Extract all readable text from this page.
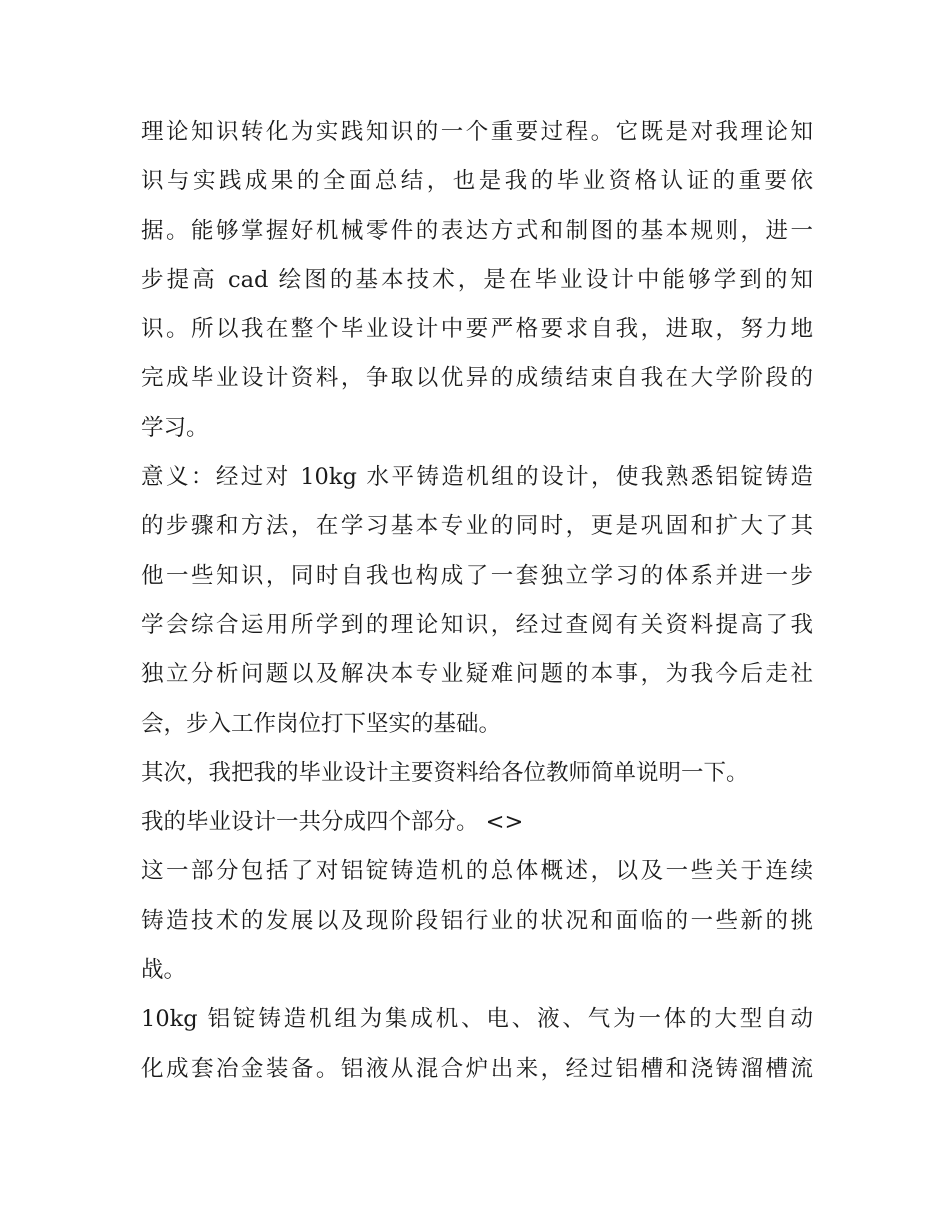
理论知识转化为实践知识的一个重要过程。它既是对我理论知
识与实践成果的全面总结，也是我的毕业资格认证的重要依
据。能够掌握好机械零件的表达方式和制图的基本规则，进一
步提高 cad 绘图的基本技术，是在毕业设计中能够学到的知
识。所以我在整个毕业设计中要严格要求自我，进取，努力地
完成毕业设计资料，争取以优异的成绩结束自我在大学阶段的
学习。
意义：经过对 10kg 水平铸造机组的设计，使我熟悉铝锭铸造
的步骤和方法，在学习基本专业的同时，更是巩固和扩大了其
他一些知识，同时自我也构成了一套独立学习的体系并进一步
学会综合运用所学到的理论知识，经过查阅有关资料提高了我
独立分析问题以及解决本专业疑难问题的本事，为我今后走社
会，步入工作岗位打下坚实的基础。
其次，我把我的毕业设计主要资料给各位教师简单说明一下。
我的毕业设计一共分成四个部分。 <>
这一部分包括了对铝锭铸造机的总体概述，以及一些关于连续
铸造技术的发展以及现阶段铝行业的状况和面临的一些新的挑
战。
10kg 铝锭铸造机组为集成机、电、液、气为一体的大型自动
化成套冶金装备。铝液从混合炉出来，经过铝槽和浇铸溜槽流
